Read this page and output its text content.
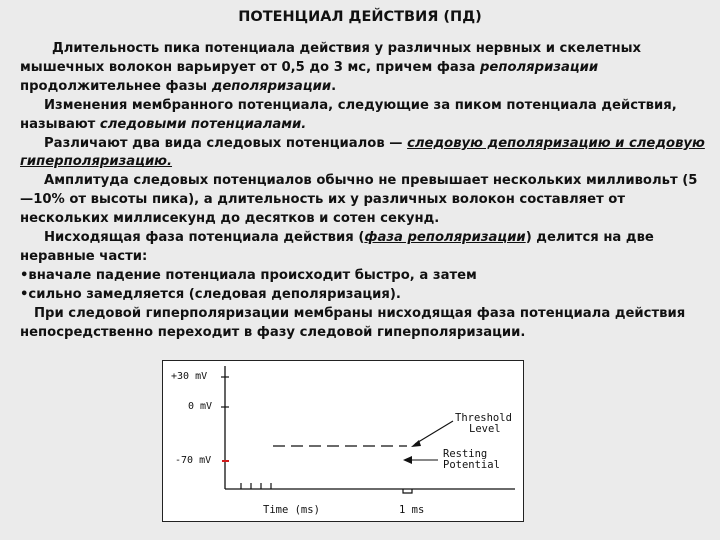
ПОТЕНЦИАЛ ДЕЙСТВИЯ (ПД)

Длительность пика потенциала действия у различных нервных и скелетных мышечных волокон варьирует от 0,5 до 3 мс, причем фаза реполяризации продолжительнее фазы деполяризации.

Изменения мембранного потенциала, следующие за пиком потенциала действия, называют следовыми потенциалами.

Различают два вида следовых потенциалов — следовую деполяризацию и следовую гиперполяризацию.

Амплитуда следовых потенциалов обычно не превышает нескольких милливольт (5—10% от высоты пика), а длительность их у различных волокон составляет от нескольких миллисекунд до десятков и сотен секунд.

Нисходящая фаза потенциала действия (фаза реполяризации) делится на две неравные части:

•вначале падение потенциала происходит быстро, а затем

•сильно замедляется (следовая деполяризация).

При следовой гиперполяризации мембраны нисходящая фаза потенциала действия непосредственно переходит в фазу следовой гиперполяризации.

+30 mV
0 mV
-70 mV
Threshold
Level
Resting
Potential
Time (ms)	1 ms
